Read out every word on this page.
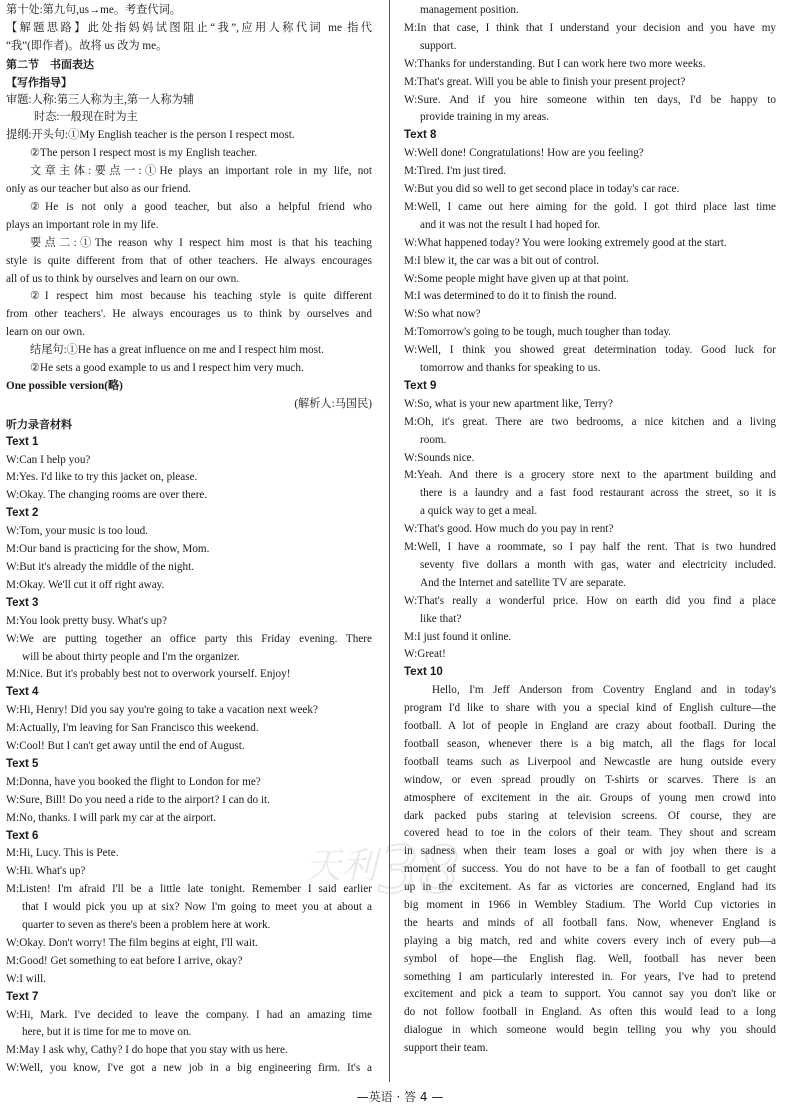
第十处:第九句,us→me。考查代词。
【解题思路】此处指妈妈试图阻止“我”,应用人称代词 me 指代
“我”(即作者)。故将 us 改为 me。
第二节　书面表达
【写作指导】
审题:人称:第三人称为主,第一人称为辅
时态:一般现在时为主
提纲:开头句:①My English teacher is the person I respect most.
②The person I respect most is my English teacher.
文章主体:要点一:①He plays an important role in my life, not
only as our teacher but also as our friend.
②He is not only a good teacher, but also a helpful friend who
plays an important role in my life.
要点二:①The reason why I respect him most is that his teaching
style is quite different from that of other teachers. He always encourages
all of us to think by ourselves and learn on our own.
②I respect him most because his teaching style is quite different
from other teachers'. He always encourages us to think by ourselves and
learn on our own.
结尾句:①He has a great influence on me and I respect him most.
②He sets a good example to us and I respect him very much.
One possible version(略)
(解析人:马国民)
听力录音材料
Text 1
W:Can I help you?
M:Yes. I'd like to try this jacket on, please.
W:Okay. The changing rooms are over there.
Text 2
W:Tom, your music is too loud.
M:Our band is practicing for the show, Mom.
W:But it's already the middle of the night.
M:Okay. We'll cut it off right away.
Text 3
M:You look pretty busy. What's up?
W:We are putting together an office party this Friday evening. There
will be about thirty people and I'm the organizer.
M:Nice. But it's probably best not to overwork yourself. Enjoy!
Text 4
W:Hi, Henry! Did you say you're going to take a vacation next week?
M:Actually, I'm leaving for San Francisco this weekend.
W:Cool! But I can't get away until the end of August.
Text 5
M:Donna, have you booked the flight to London for me?
W:Sure, Bill! Do you need a ride to the airport? I can do it.
M:No, thanks. I will park my car at the airport.
Text 6
M:Hi, Lucy. This is Pete.
W:Hi. What's up?
M:Listen! I'm afraid I'll be a little late tonight. Remember I said earlier
that I would pick you up at six? Now I'm going to meet you at about a
quarter to seven as there's been a problem here at work.
W:Okay. Don't worry! The film begins at eight, I'll wait.
M:Good! Get something to eat before I arrive, okay?
W:I will.
Text 7
W:Hi, Mark. I've decided to leave the company. I had an amazing time
here, but it is time for me to move on.
M:May I ask why, Cathy? I do hope that you stay with us here.
W:Well, you know, I've got a new job in a big engineering firm. It's a
management position.
M:In that case, I think that I understand your decision and you have my
support.
W:Thanks for understanding. But I can work here two more weeks.
M:That's great. Will you be able to finish your present project?
W:Sure. And if you hire someone within ten days, I'd be happy to
provide training in my areas.
Text 8
W:Well done! Congratulations! How are you feeling?
M:Tired. I'm just tired.
W:But you did so well to get second place in today's car race.
M:Well, I came out here aiming for the gold. I got third place last time
and it was not the result I had hoped for.
W:What happened today? You were looking extremely good at the start.
M:I blew it, the car was a bit out of control.
W:Some people might have given up at that point.
M:I was determined to do it to finish the round.
W:So what now?
M:Tomorrow's going to be tough, much tougher than today.
W:Well, I think you showed great determination today. Good luck for
tomorrow and thanks for speaking to us.
Text 9
W:So, what is your new apartment like, Terry?
M:Oh, it's great. There are two bedrooms, a nice kitchen and a living
room.
W:Sounds nice.
M:Yeah. And there is a grocery store next to the apartment building and
there is a laundry and a fast food restaurant across the street, so it is
a quick way to get a meal.
W:That's good. How much do you pay in rent?
M:Well, I have a roommate, so I pay half the rent. That is two hundred
seventy five dollars a month with gas, water and electricity included.
And the Internet and satellite TV are separate.
W:That's really a wonderful price. How on earth did you find a place
like that?
M:I just found it online.
W:Great!
Text 10
Hello, I'm Jeff Anderson from Coventry England and in today's
program I'd like to share with you a special kind of English culture—the
football. A lot of people in England are crazy about football. During the
football season, whenever there is a big match, all the flags for local
football teams such as Liverpool and Newcastle are hung outside every
window, or even spread proudly on T-shirts or scarves. There is an
atmosphere of excitement in the air. Groups of young men crowd into
dark packed pubs staring at television screens. Of course, they are
covered head to toe in the colors of their team. They shout and scream
in sadness when their team loses a goal or with joy when there is a
moment of success. You do not have to be a fan of football to get caught
up in the excitement. As far as victories are concerned, England had its
big moment in 1966 in Wembley Stadium. The World Cup victories in
the hearts and minds of all football fans. Now, whenever England is
playing a big match, red and white covers every inch of every pub—a
symbol of hope—the English flag. Well, football has never been
something I am particularly interested in. For years, I've had to pretend
excitement and pick a team to support. You cannot say you don't like or
do not follow football in England. As often this would lead to a long
dialogue in which someone would begin telling you why you should
support their team.
天利 38
—英语 · 答 4 —
